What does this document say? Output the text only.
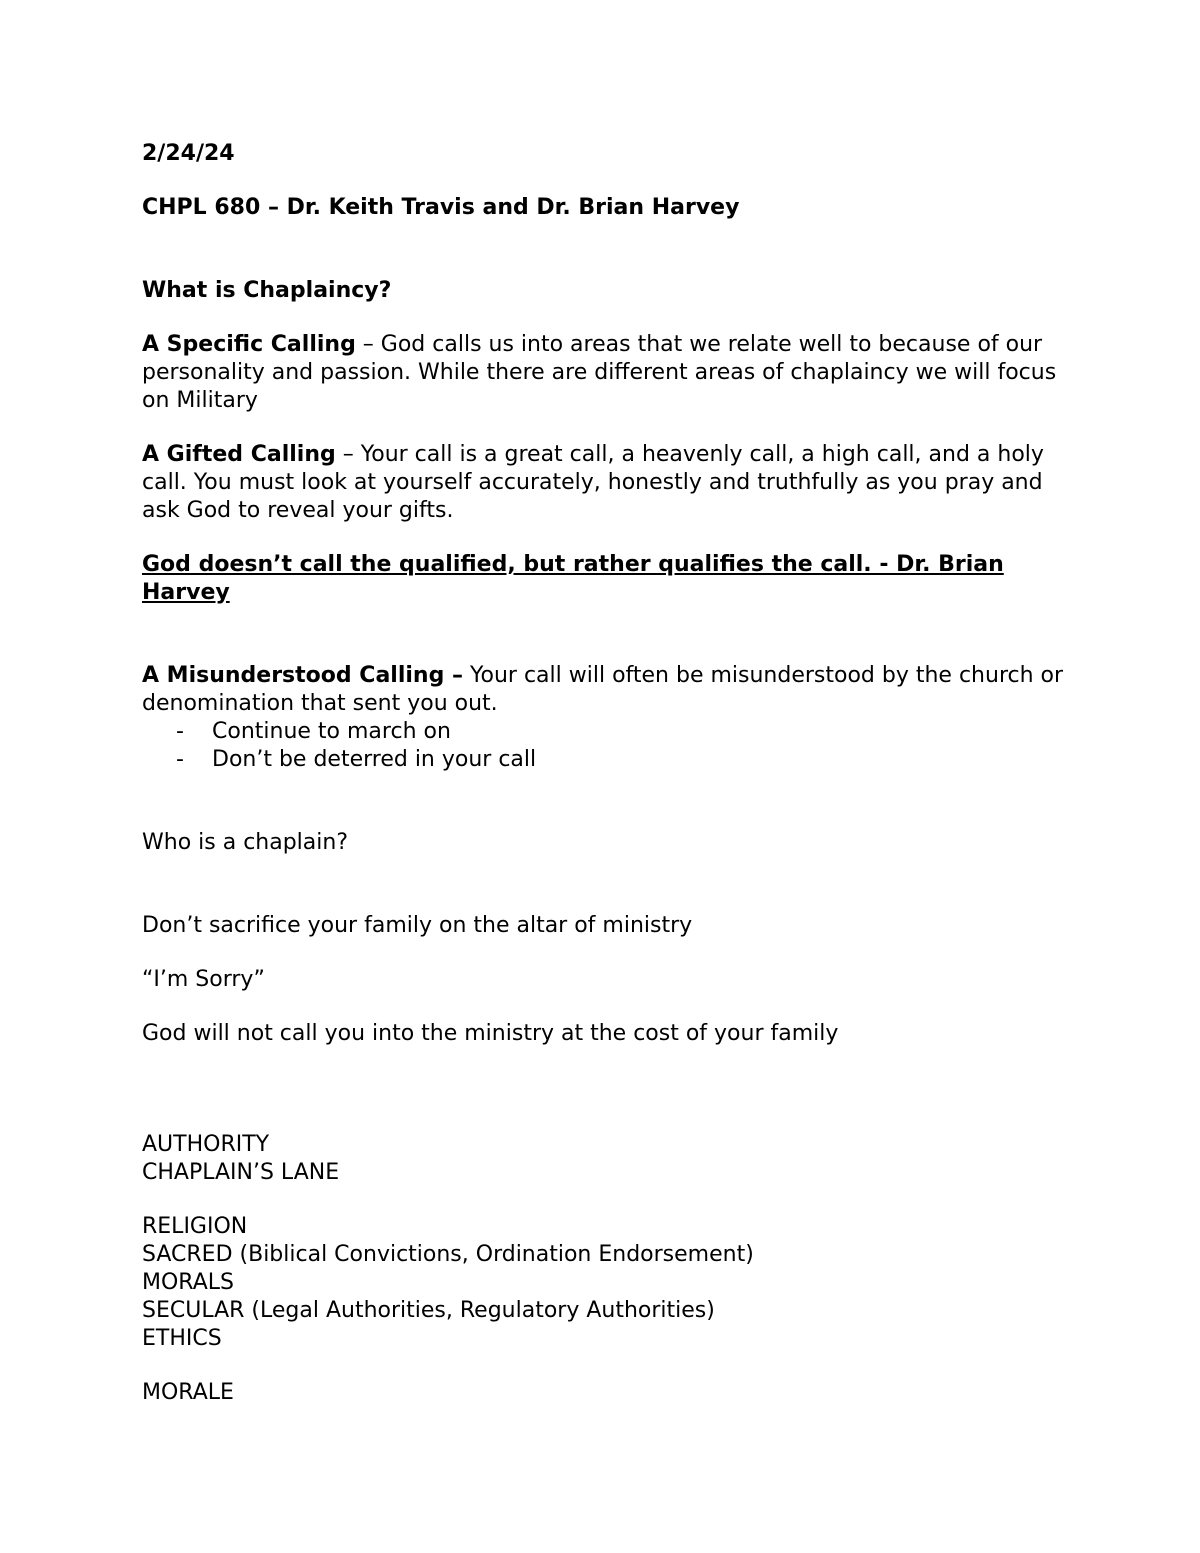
2/24/24

CHPL 680 – Dr. Keith Travis and Dr. Brian Harvey

What is Chaplaincy?

A Specific Calling – God calls us into areas that we relate well to because of our personality and passion. While there are different areas of chaplaincy we will focus on Military

A Gifted Calling – Your call is a great call, a heavenly call, a high call, and a holy call. You must look at yourself accurately, honestly and truthfully as you pray and ask God to reveal your gifts.

God doesn’t call the qualified, but rather qualifies the call. - Dr. Brian Harvey

A Misunderstood Calling – Your call will often be misunderstood by the church or denomination that sent you out.

- Continue to march on
- Don’t be deterred in your call

Who is a chaplain?

Don’t sacrifice your family on the altar of ministry

“I’m Sorry”

God will not call you into the ministry at the cost of your family

AUTHORITY

CHAPLAIN’S LANE

RELIGION

SACRED (Biblical Convictions, Ordination Endorsement)

MORALS

SECULAR (Legal Authorities, Regulatory Authorities)

ETHICS

MORALE
